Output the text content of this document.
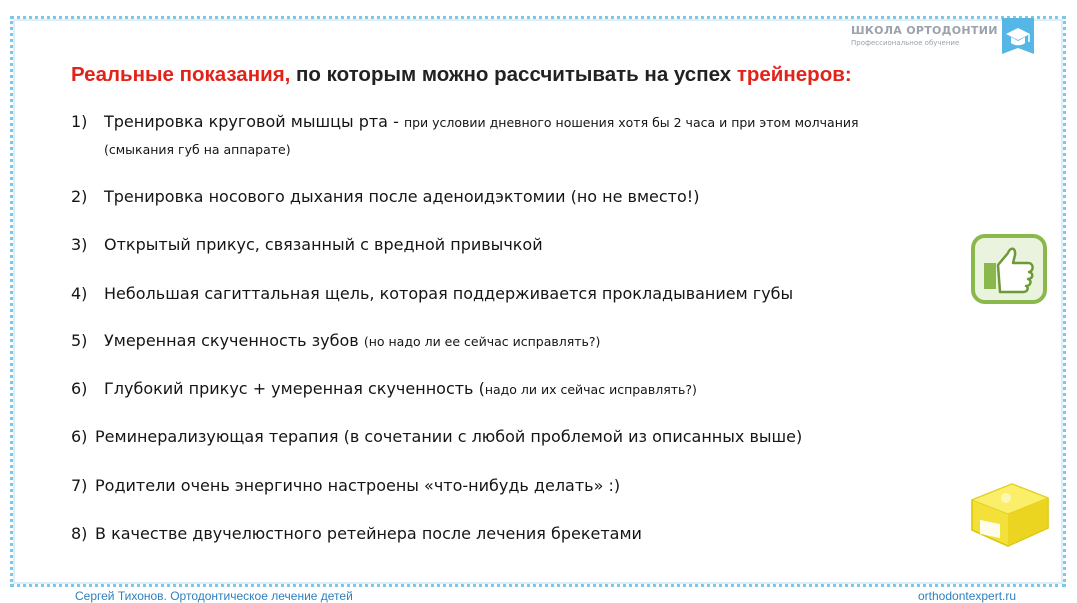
ШКОЛА ОРТОДОНТИИ
Профессиональное обучение
Реальные показания, по которым можно рассчитывать на успех трейнеров:
1) Тренировка круговой мышцы рта - при условии дневного ношения хотя бы 2 часа и при этом молчания
(смыкания губ на аппарате)
2) Тренировка носового дыхания после аденоидэктомии (но не вместо!)
3) Открытый прикус, связанный с вредной привычкой
4) Небольшая сагиттальная щель, которая поддерживается прокладыванием губы
5) Умеренная скученность зубов (но надо ли ее сейчас исправлять?)
6) Глубокий прикус + умеренная скученность (надо ли их сейчас исправлять?)
6) Реминерализующая терапия (в сочетании с любой проблемой из описанных выше)
7) Родители очень энергично настроены «что-нибудь делать» :)
8) В качестве двучелюстного ретейнера после лечения брекетами
Сергей Тихонов. Ортодонтическое лечение детей	orthodontexpert.ru
